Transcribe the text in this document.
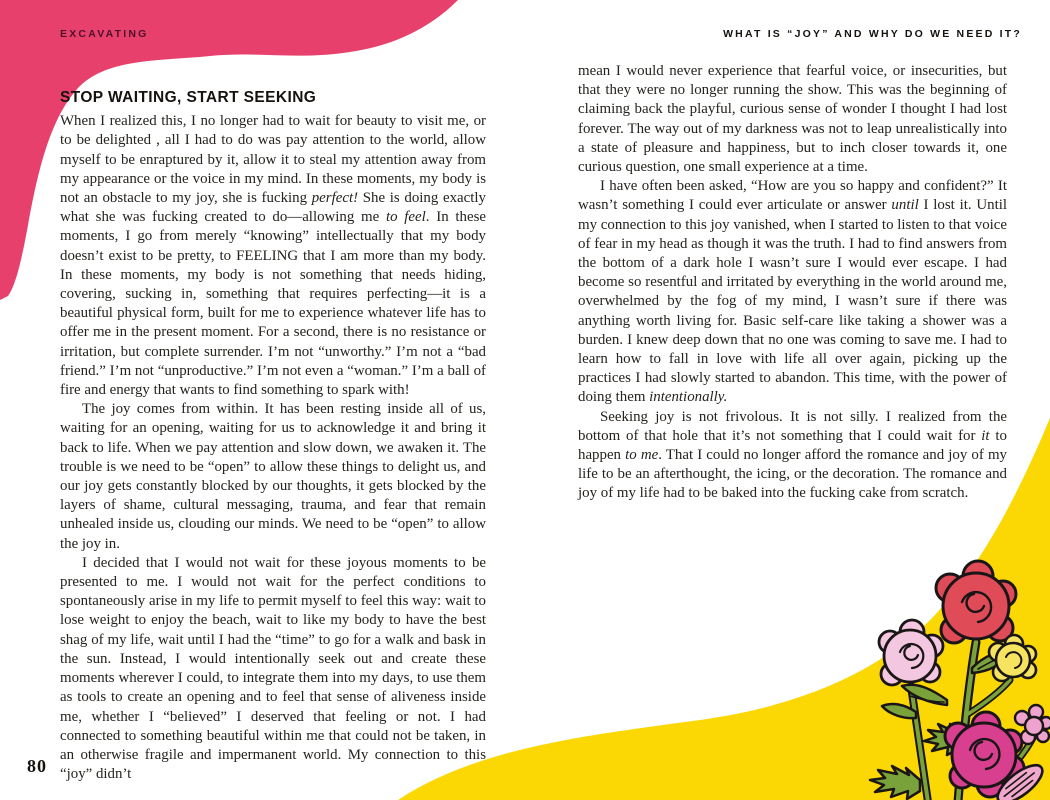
EXCAVATING	WHAT IS “JOY” AND WHY DO WE NEED IT?
STOP WAITING, START SEEKING

When I realized this, I no longer had to wait for beauty to visit me, or to be delighted , all I had to do was pay attention to the world, allow myself to be enraptured by it, allow it to steal my attention away from my appearance or the voice in my mind. In these moments, my body is not an obstacle to my joy, she is fucking perfect! She is doing exactly what she was fucking created to do—allowing me to feel. In these moments, I go from merely “knowing” intellectually that my body doesn’t exist to be pretty, to FEELING that I am more than my body. In these moments, my body is not something that needs hiding, covering, sucking in, something that requires perfecting—it is a beautiful physical form, built for me to experience whatever life has to offer me in the present moment. For a second, there is no resistance or irritation, but complete surrender. I’m not “unworthy.” I’m not a “bad friend.” I’m not “unproductive.” I’m not even a “woman.” I’m a ball of fire and energy that wants to find something to spark with!

The joy comes from within. It has been resting inside all of us, waiting for an opening, waiting for us to acknowledge it and bring it back to life. When we pay attention and slow down, we awaken it. The trouble is we need to be “open” to allow these things to delight us, and our joy gets constantly blocked by our thoughts, it gets blocked by the layers of shame, cultural messaging, trauma, and fear that remain unhealed inside us, clouding our minds. We need to be “open” to allow the joy in.

I decided that I would not wait for these joyous moments to be presented to me. I would not wait for the perfect conditions to spontaneously arise in my life to permit myself to feel this way: wait to lose weight to enjoy the beach, wait to like my body to have the best shag of my life, wait until I had the “time” to go for a walk and bask in the sun. Instead, I would intentionally seek out and create these moments wherever I could, to integrate them into my days, to use them as tools to create an opening and to feel that sense of aliveness inside me, whether I “believed” I deserved that feeling or not. I had connected to something beautiful within me that could not be taken, in an otherwise fragile and impermanent world. My connection to this “joy” didn’t

mean I would never experience that fearful voice, or insecurities, but that they were no longer running the show. This was the beginning of claiming back the playful, curious sense of wonder I thought I had lost forever. The way out of my darkness was not to leap unrealistically into a state of pleasure and happiness, but to inch closer towards it, one curious question, one small experience at a time.

I have often been asked, “How are you so happy and confident?” It wasn’t something I could ever articulate or answer until I lost it. Until my connection to this joy vanished, when I started to listen to that voice of fear in my head as though it was the truth. I had to find answers from the bottom of a dark hole I wasn’t sure I would ever escape. I had become so resentful and irritated by everything in the world around me, overwhelmed by the fog of my mind, I wasn’t sure if there was anything worth living for. Basic self-care like taking a shower was a burden. I knew deep down that no one was coming to save me. I had to learn how to fall in love with life all over again, picking up the practices I had slowly started to abandon. This time, with the power of doing them intentionally.

Seeking joy is not frivolous. It is not silly. I realized from the bottom of that hole that it’s not something that I could wait for it to happen to me. That I could no longer afford the romance and joy of my life to be an afterthought, the icing, or the decoration. The romance and joy of my life had to be baked into the fucking cake from scratch.

80
